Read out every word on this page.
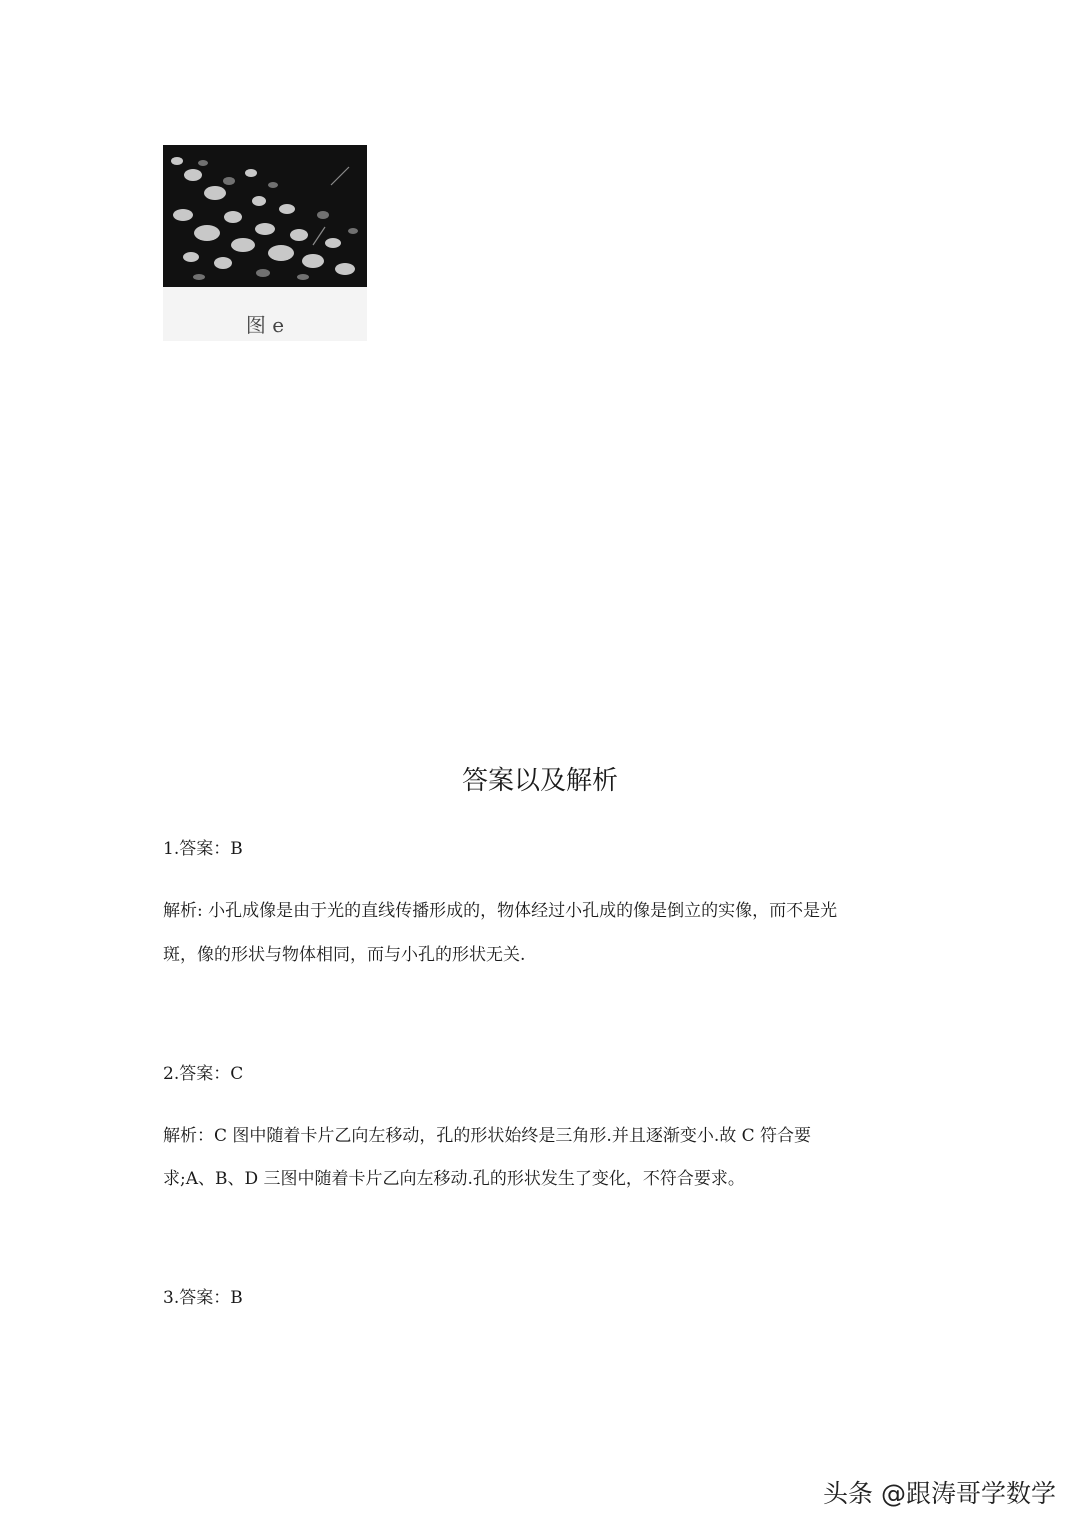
图 e
答案以及解析
1.答案：B
解析: 小孔成像是由于光的直线传播形成的，物体经过小孔成的像是倒立的实像，而不是光
斑，像的形状与物体相同，而与小孔的形状无关.
2.答案：C
解析：C 图中随着卡片乙向左移动，孔的形状始终是三角形.并且逐渐变小.故 C 符合要
求;A、B、D 三图中随着卡片乙向左移动.孔的形状发生了变化，不符合要求。
3.答案：B
头条 @跟涛哥学数学
